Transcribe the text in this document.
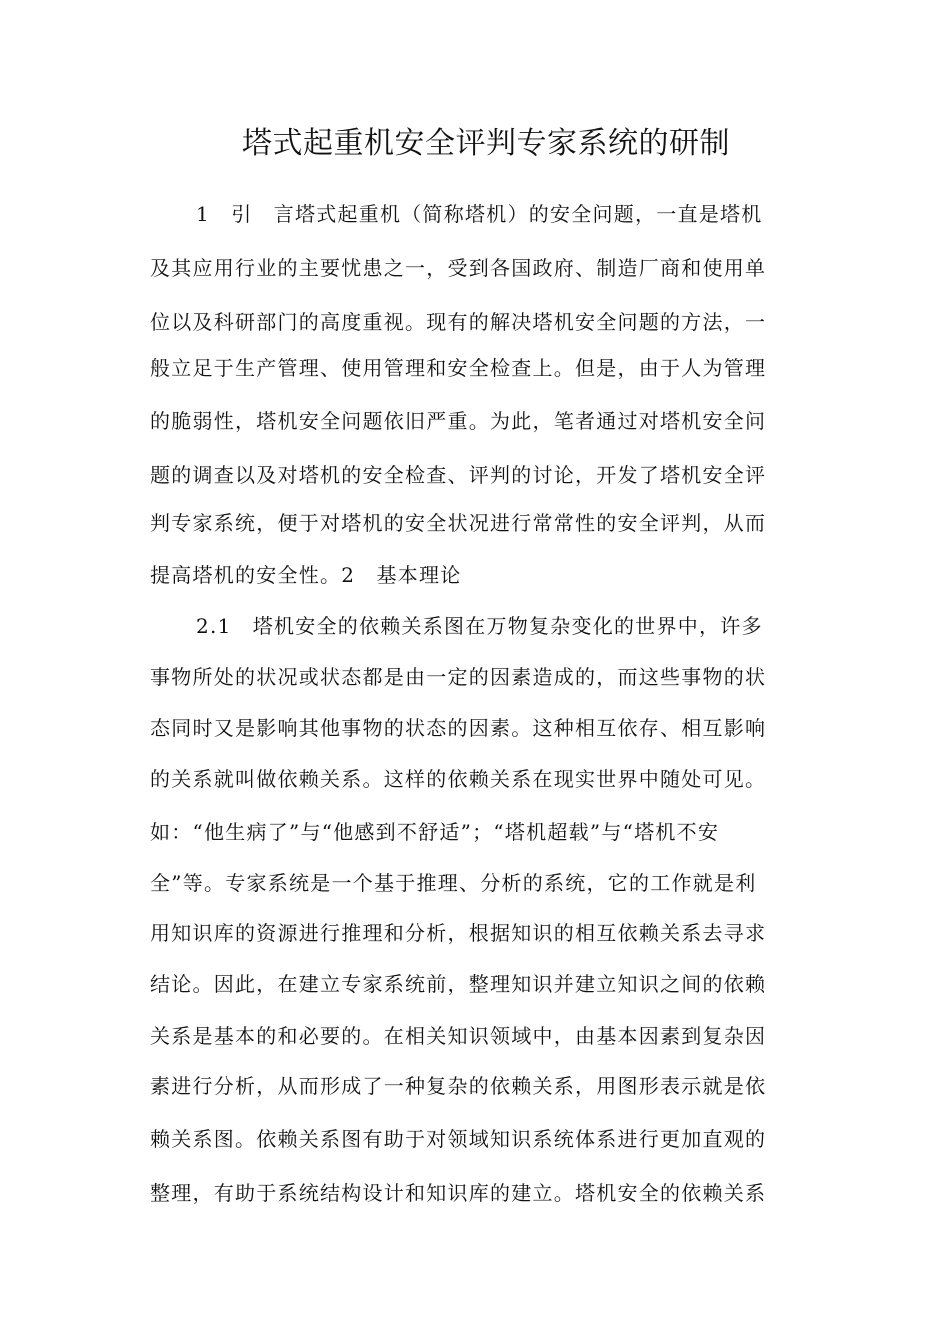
塔式起重机安全评判专家系统的研制
1　引　言塔式起重机（简称塔机）的安全问题，一直是塔机
及其应用行业的主要忧患之一，受到各国政府、制造厂商和使用单
位以及科研部门的高度重视。现有的解决塔机安全问题的方法，一
般立足于生产管理、使用管理和安全检查上。但是，由于人为管理
的脆弱性，塔机安全问题依旧严重。为此，笔者通过对塔机安全问
题的调查以及对塔机的安全检查、评判的讨论，开发了塔机安全评
判专家系统，便于对塔机的安全状况进行常常性的安全评判，从而
提高塔机的安全性。2　基本理论
2.1　塔机安全的依赖关系图在万物复杂变化的世界中，许多
事物所处的状况或状态都是由一定的因素造成的，而这些事物的状
态同时又是影响其他事物的状态的因素。这种相互依存、相互影响
的关系就叫做依赖关系。这样的依赖关系在现实世界中随处可见。
如：“他生病了”与“他感到不舒适”；“塔机超载”与“塔机不安
全”等。专家系统是一个基于推理、分析的系统，它的工作就是利
用知识库的资源进行推理和分析，根据知识的相互依赖关系去寻求
结论。因此，在建立专家系统前，整理知识并建立知识之间的依赖
关系是基本的和必要的。在相关知识领域中，由基本因素到复杂因
素进行分析，从而形成了一种复杂的依赖关系，用图形表示就是依
赖关系图。依赖关系图有助于对领域知识系统体系进行更加直观的
整理，有助于系统结构设计和知识库的建立。塔机安全的依赖关系
